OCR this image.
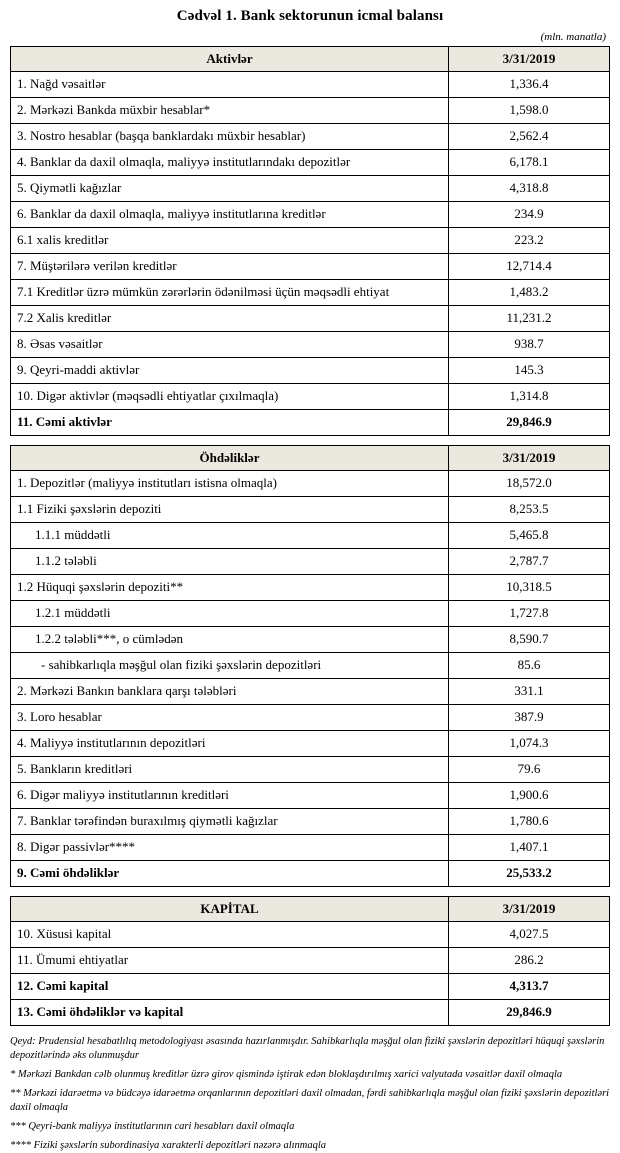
Cədvəl 1. Bank sektorunun icmal balansı
(mln. manatla)
Aktivlər	3/31/2019
1. Nağd vəsaitlər	1,336.4
2. Mərkəzi Bankda müxbir hesablar*	1,598.0
3. Nostro hesablar (başqa banklardakı müxbir hesablar)	2,562.4
4. Banklar da daxil olmaqla, maliyyə institutlarındakı depozitlər	6,178.1
5. Qiymətli kağızlar	4,318.8
6. Banklar da daxil olmaqla, maliyyə institutlarına kreditlər	234.9
6.1 xalis kreditlər	223.2
7. Müştərilərə verilən kreditlər	12,714.4
7.1 Kreditlər üzrə mümkün zərərlərin ödənilməsi üçün məqsədli ehtiyat	1,483.2
7.2 Xalis kreditlər	11,231.2
8. Əsas vəsaitlər	938.7
9. Qeyri-maddi aktivlər	145.3
10. Digər aktivlər (məqsədli ehtiyatlar çıxılmaqla)	1,314.8
11. Cəmi aktivlər	29,846.9
Öhdəliklər	3/31/2019
1. Depozitlər (maliyyə institutları istisna olmaqla)	18,572.0
1.1 Fiziki şəxslərin depoziti	8,253.5
1.1.1 müddətli	5,465.8
1.1.2 tələbli	2,787.7
1.2 Hüquqi şəxslərin depoziti**	10,318.5
1.2.1 müddətli	1,727.8
1.2.2 tələbli***, o cümlədən	8,590.7
- sahibkarlıqla məşğul olan fiziki şəxslərin depozitləri	85.6
2. Mərkəzi Bankın banklara qarşı tələbləri	331.1
3. Loro hesablar	387.9
4. Maliyyə institutlarının depozitləri	1,074.3
5. Bankların kreditləri	79.6
6. Digər maliyyə institutlarının kreditləri	1,900.6
7. Banklar tərəfindən buraxılmış qiymətli kağızlar	1,780.6
8. Digər passivlər****	1,407.1
9. Cəmi öhdəliklər	25,533.2
KAPİTAL	3/31/2019
10. Xüsusi kapital	4,027.5
11. Ümumi ehtiyatlar	286.2
12. Cəmi kapital	4,313.7
13. Cəmi öhdəliklər və kapital	29,846.9

Qeyd: Prudensial hesabatlılıq metodologiyası əsasında hazırlanmışdır. Sahibkarlıqla məşğul olan fiziki şəxslərin depozitləri hüquqi şəxslərin depozitlərində əks olunmuşdur

* Mərkəzi Bankdan cəlb olunmuş kreditlər üzrə girov qismində iştirak edən bloklaşdırılmış xarici valyutada vəsaitlər daxil olmaqla

** Mərkəzi idarəetmə və büdcəyə idarəetmə orqanlarının depozitləri daxil olmadan, fərdi sahibkarlıqla məşğul olan fiziki şəxslərin depozitləri daxil olmaqla

*** Qeyri-bank maliyyə institutlarının cari hesabları daxil olmaqla

**** Fiziki şəxslərin subordinasiya xarakterli depozitləri nəzərə alınmaqla
